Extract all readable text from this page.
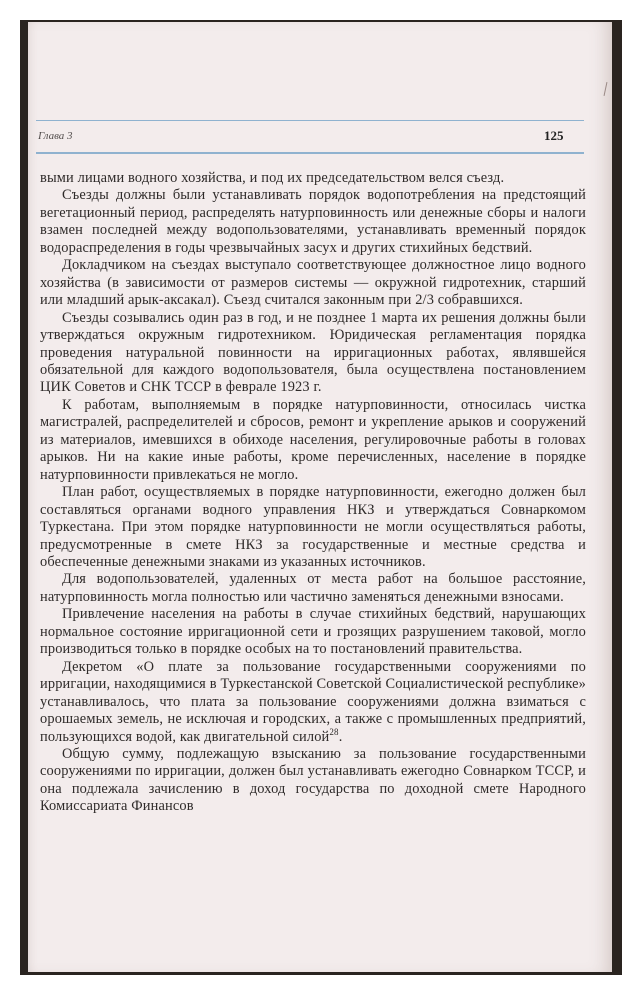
Глава 3	125

выми лицами водного хозяйства, и под их председательством велся съезд.

Съезды должны были устанавливать порядок водопотребления на предстоящий вегетационный период, распределять натурповинность или денежные сборы и налоги взамен последней между водопользователями, устанавливать временный порядок водораспределения в годы чрезвычайных засух и других стихийных бедствий.

Докладчиком на съездах выступало соответствующее должностное лицо водного хозяйства (в зависимости от размеров системы — окружной гидротехник, старший или младший арык-аксакал). Съезд считался законным при 2/3 собравшихся.

Съезды созывались один раз в год, и не позднее 1 марта их решения должны были утверждаться окружным гидротехником. Юридическая регламентация порядка проведения натуральной повинности на ирригационных работах, являвшейся обязательной для каждого водопользователя, была осуществлена постановлением ЦИК Советов и СНК ТССР в феврале 1923 г.

К работам, выполняемым в порядке натурповинности, относилась чистка магистралей, распределителей и сбросов, ремонт и укрепление арыков и сооружений из материалов, имевшихся в обиходе населения, регулировочные работы в головах арыков. Ни на какие иные работы, кроме перечисленных, население в порядке натурповинности привлекаться не могло.

План работ, осуществляемых в порядке натурповинности, ежегодно должен был составляться органами водного управления НКЗ и утверждаться Совнаркомом Туркестана. При этом порядке натурповинности не могли осуществляться работы, предусмотренные в смете НКЗ за государственные и местные средства и обеспеченные денежными знаками из указанных источников.

Для водопользователей, удаленных от места работ на большое расстояние, натурповинность могла полностью или частично заменяться денежными взносами.

Привлечение населения на работы в случае стихийных бедствий, нарушающих нормальное состояние ирригационной сети и грозящих разрушением таковой, могло производиться только в порядке особых на то постановлений правительства.

Декретом «О плате за пользование государственными сооружениями по ирригации, находящимися в Туркестанской Советской Социалистической республике» устанавливалось, что плата за пользование сооружениями должна взиматься с орошаемых земель, не исключая и городских, а также с промышленных предприятий, пользующихся водой, как двигательной силой$^{28}$.

Общую сумму, подлежащую взысканию за пользование государственными сооружениями по ирригации, должен был устанавливать ежегодно Совнарком ТССР, и она подлежала зачислению в доход государства по доходной смете Народного Комиссариата Финансов
